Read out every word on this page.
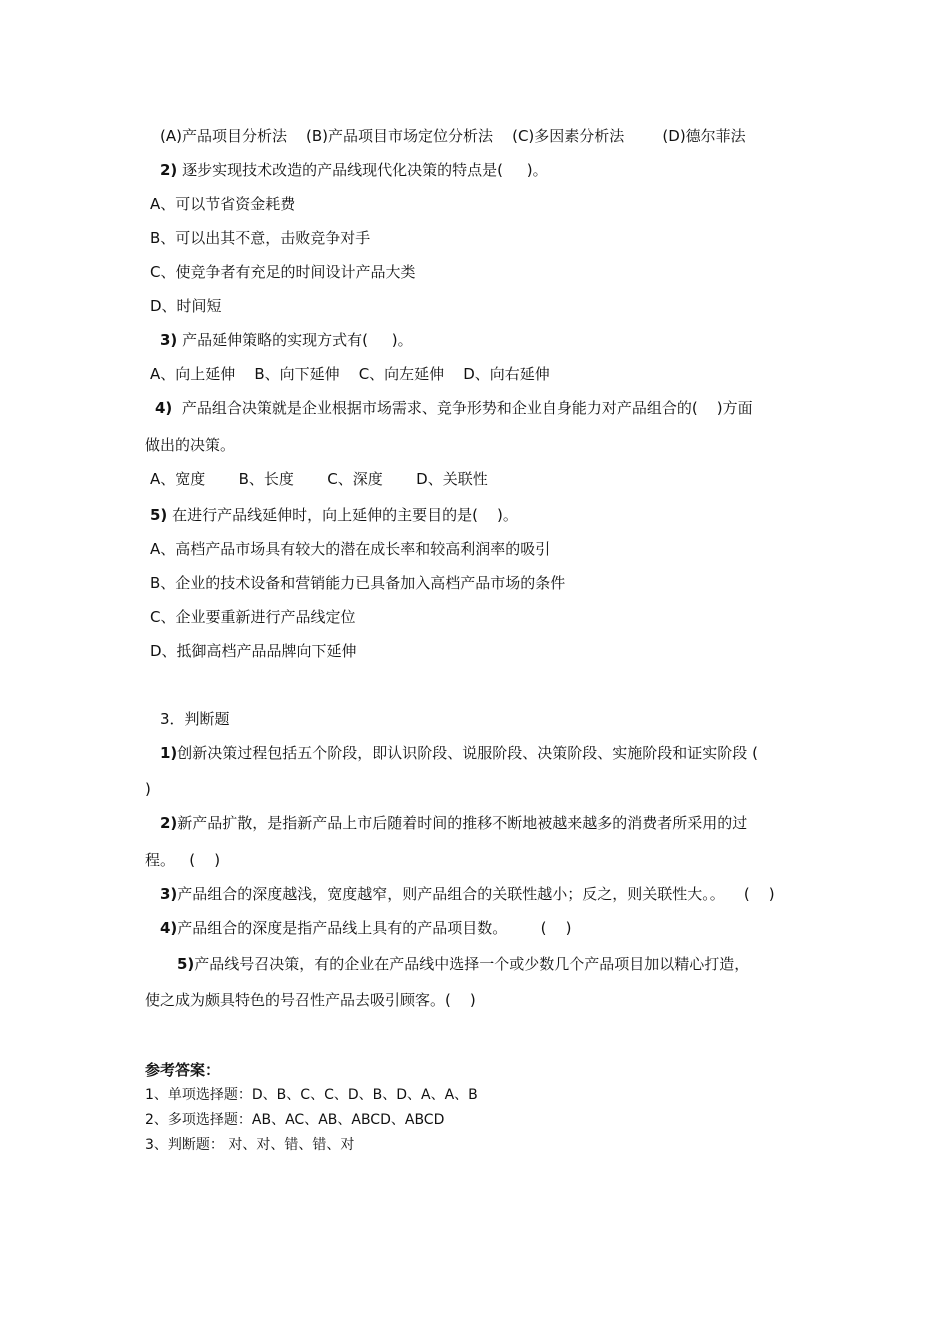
(A)产品项目分析法    (B)产品项目市场定位分析法    (C)多因素分析法        (D)德尔菲法
2) 逐步实现技术改造的产品线现代化决策的特点是(     )。
A、可以节省资金耗费
B、可以出其不意，击败竞争对手
C、使竞争者有充足的时间设计产品大类
D、时间短
3) 产品延伸策略的实现方式有(     )。
A、向上延伸    B、向下延伸    C、向左延伸    D、向右延伸
4)  产品组合决策就是企业根据市场需求、竞争形势和企业自身能力对产品组合的(    )方面
做出的决策。
A、宽度       B、长度       C、深度       D、关联性
5) 在进行产品线延伸时，向上延伸的主要目的是(    )。
A、高档产品市场具有较大的潜在成长率和较高利润率的吸引
B、企业的技术设备和营销能力已具备加入高档产品市场的条件
C、企业要重新进行产品线定位
D、抵御高档产品品牌向下延伸
3．判断题
1)创新决策过程包括五个阶段，即认识阶段、说服阶段、决策阶段、实施阶段和证实阶段 (
)
2)新产品扩散，是指新产品上市后随着时间的推移不断地被越来越多的消费者所采用的过
程。   (    )
3)产品组合的深度越浅，宽度越窄，则产品组合的关联性越小；反之，则关联性大。。    (    )
4)产品组合的深度是指产品线上具有的产品项目数。       (    )
5)产品线号召决策，有的企业在产品线中选择一个或少数几个产品项目加以精心打造，
使之成为颇具特色的号召性产品去吸引顾客。(    )
参考答案：
1、单项选择题：D、B、C、C、D、B、D、A、A、B
2、多项选择题：AB、AC、AB、ABCD、ABCD
3、判断题： 对、对、错、错、对
